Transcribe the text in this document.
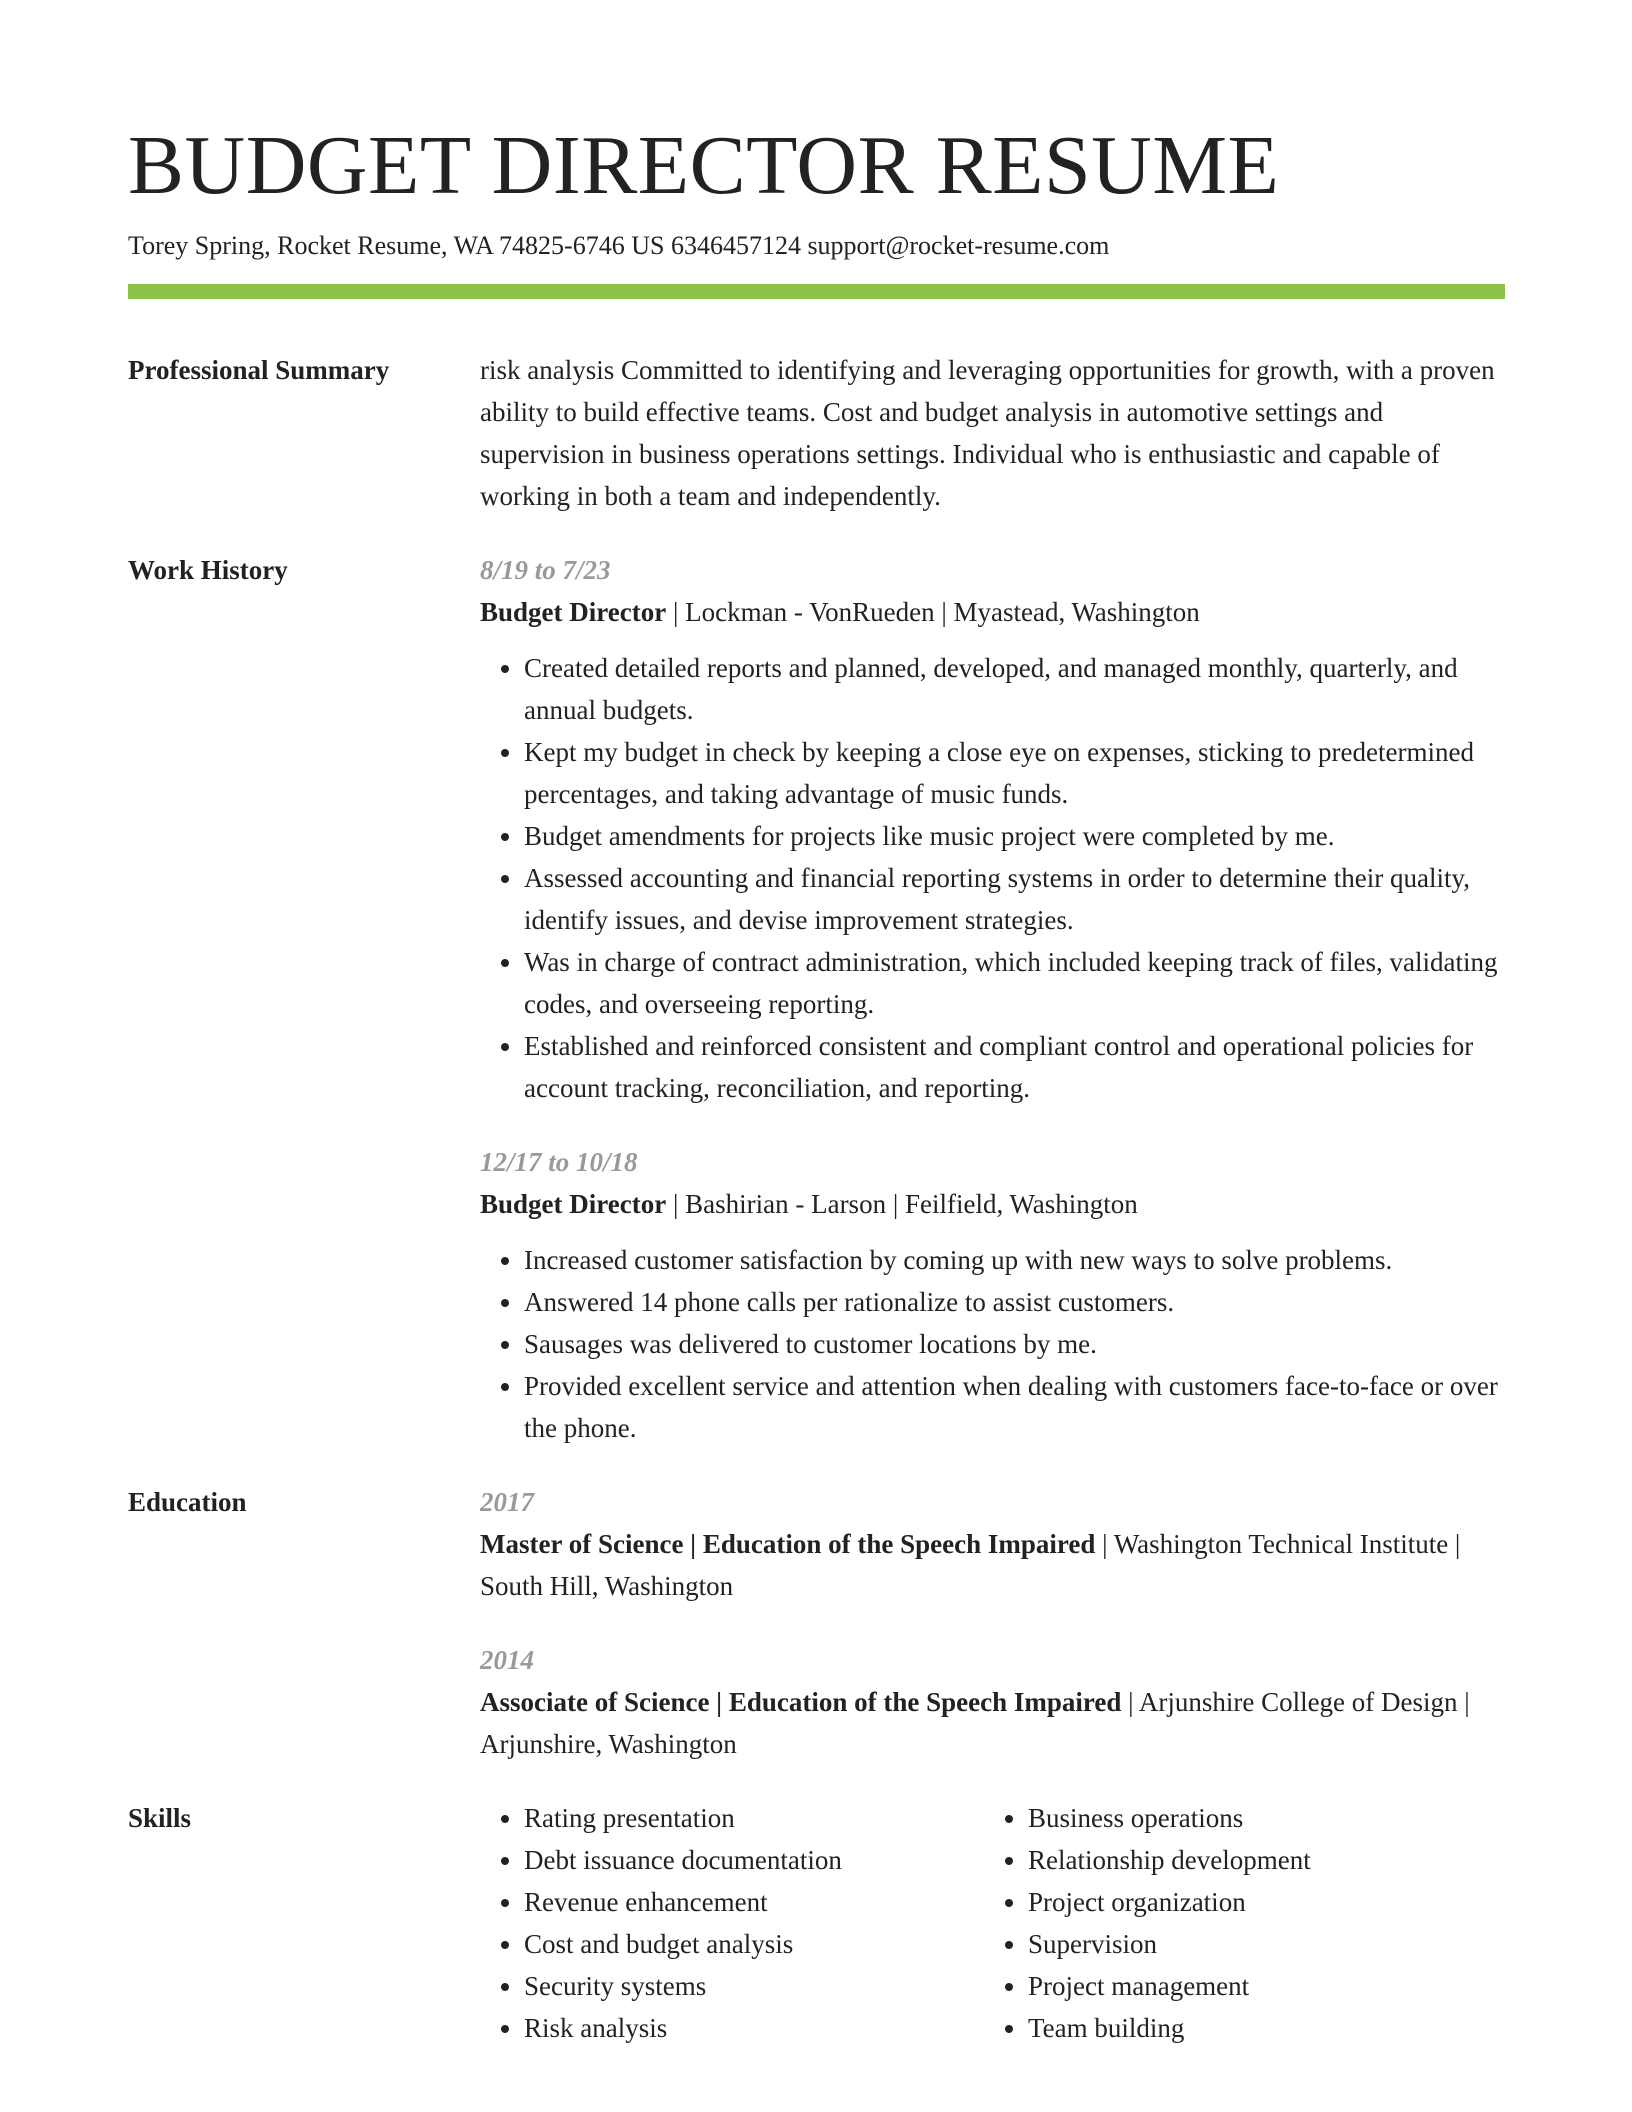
BUDGET DIRECTOR RESUME
Torey Spring, Rocket Resume, WA 74825-6746 US 6346457124 support@rocket-resume.com
Professional Summary	risk analysis Committed to identifying and leveraging opportunities for growth, with a proven ability to build effective teams. Cost and budget analysis in automotive settings and supervision in business operations settings. Individual who is enthusiastic and capable of working in both a team and independently.
Work History	8/19 to 7/23
Budget Director | Lockman - VonRueden | Myastead, Washington
• Created detailed reports and planned, developed, and managed monthly, quarterly, and annual budgets.
• Kept my budget in check by keeping a close eye on expenses, sticking to predetermined percentages, and taking advantage of music funds.
• Budget amendments for projects like music project were completed by me.
• Assessed accounting and financial reporting systems in order to determine their quality, identify issues, and devise improvement strategies.
• Was in charge of contract administration, which included keeping track of files, validating codes, and overseeing reporting.
• Established and reinforced consistent and compliant control and operational policies for account tracking, reconciliation, and reporting.
12/17 to 10/18
Budget Director | Bashirian - Larson | Feilfield, Washington
• Increased customer satisfaction by coming up with new ways to solve problems.
• Answered 14 phone calls per rationalize to assist customers.
• Sausages was delivered to customer locations by me.
• Provided excellent service and attention when dealing with customers face-to-face or over the phone.
Education	2017
Master of Science | Education of the Speech Impaired | Washington Technical Institute | South Hill, Washington
2014
Associate of Science | Education of the Speech Impaired | Arjunshire College of Design | Arjunshire, Washington
Skills
•	Rating presentation
• Debt issuance documentation
• Revenue enhancement
• Cost and budget analysis
• Security systems
• Risk analysis
• Business operations
• Relationship development
• Project organization
• Supervision
• Project management
• Team building
